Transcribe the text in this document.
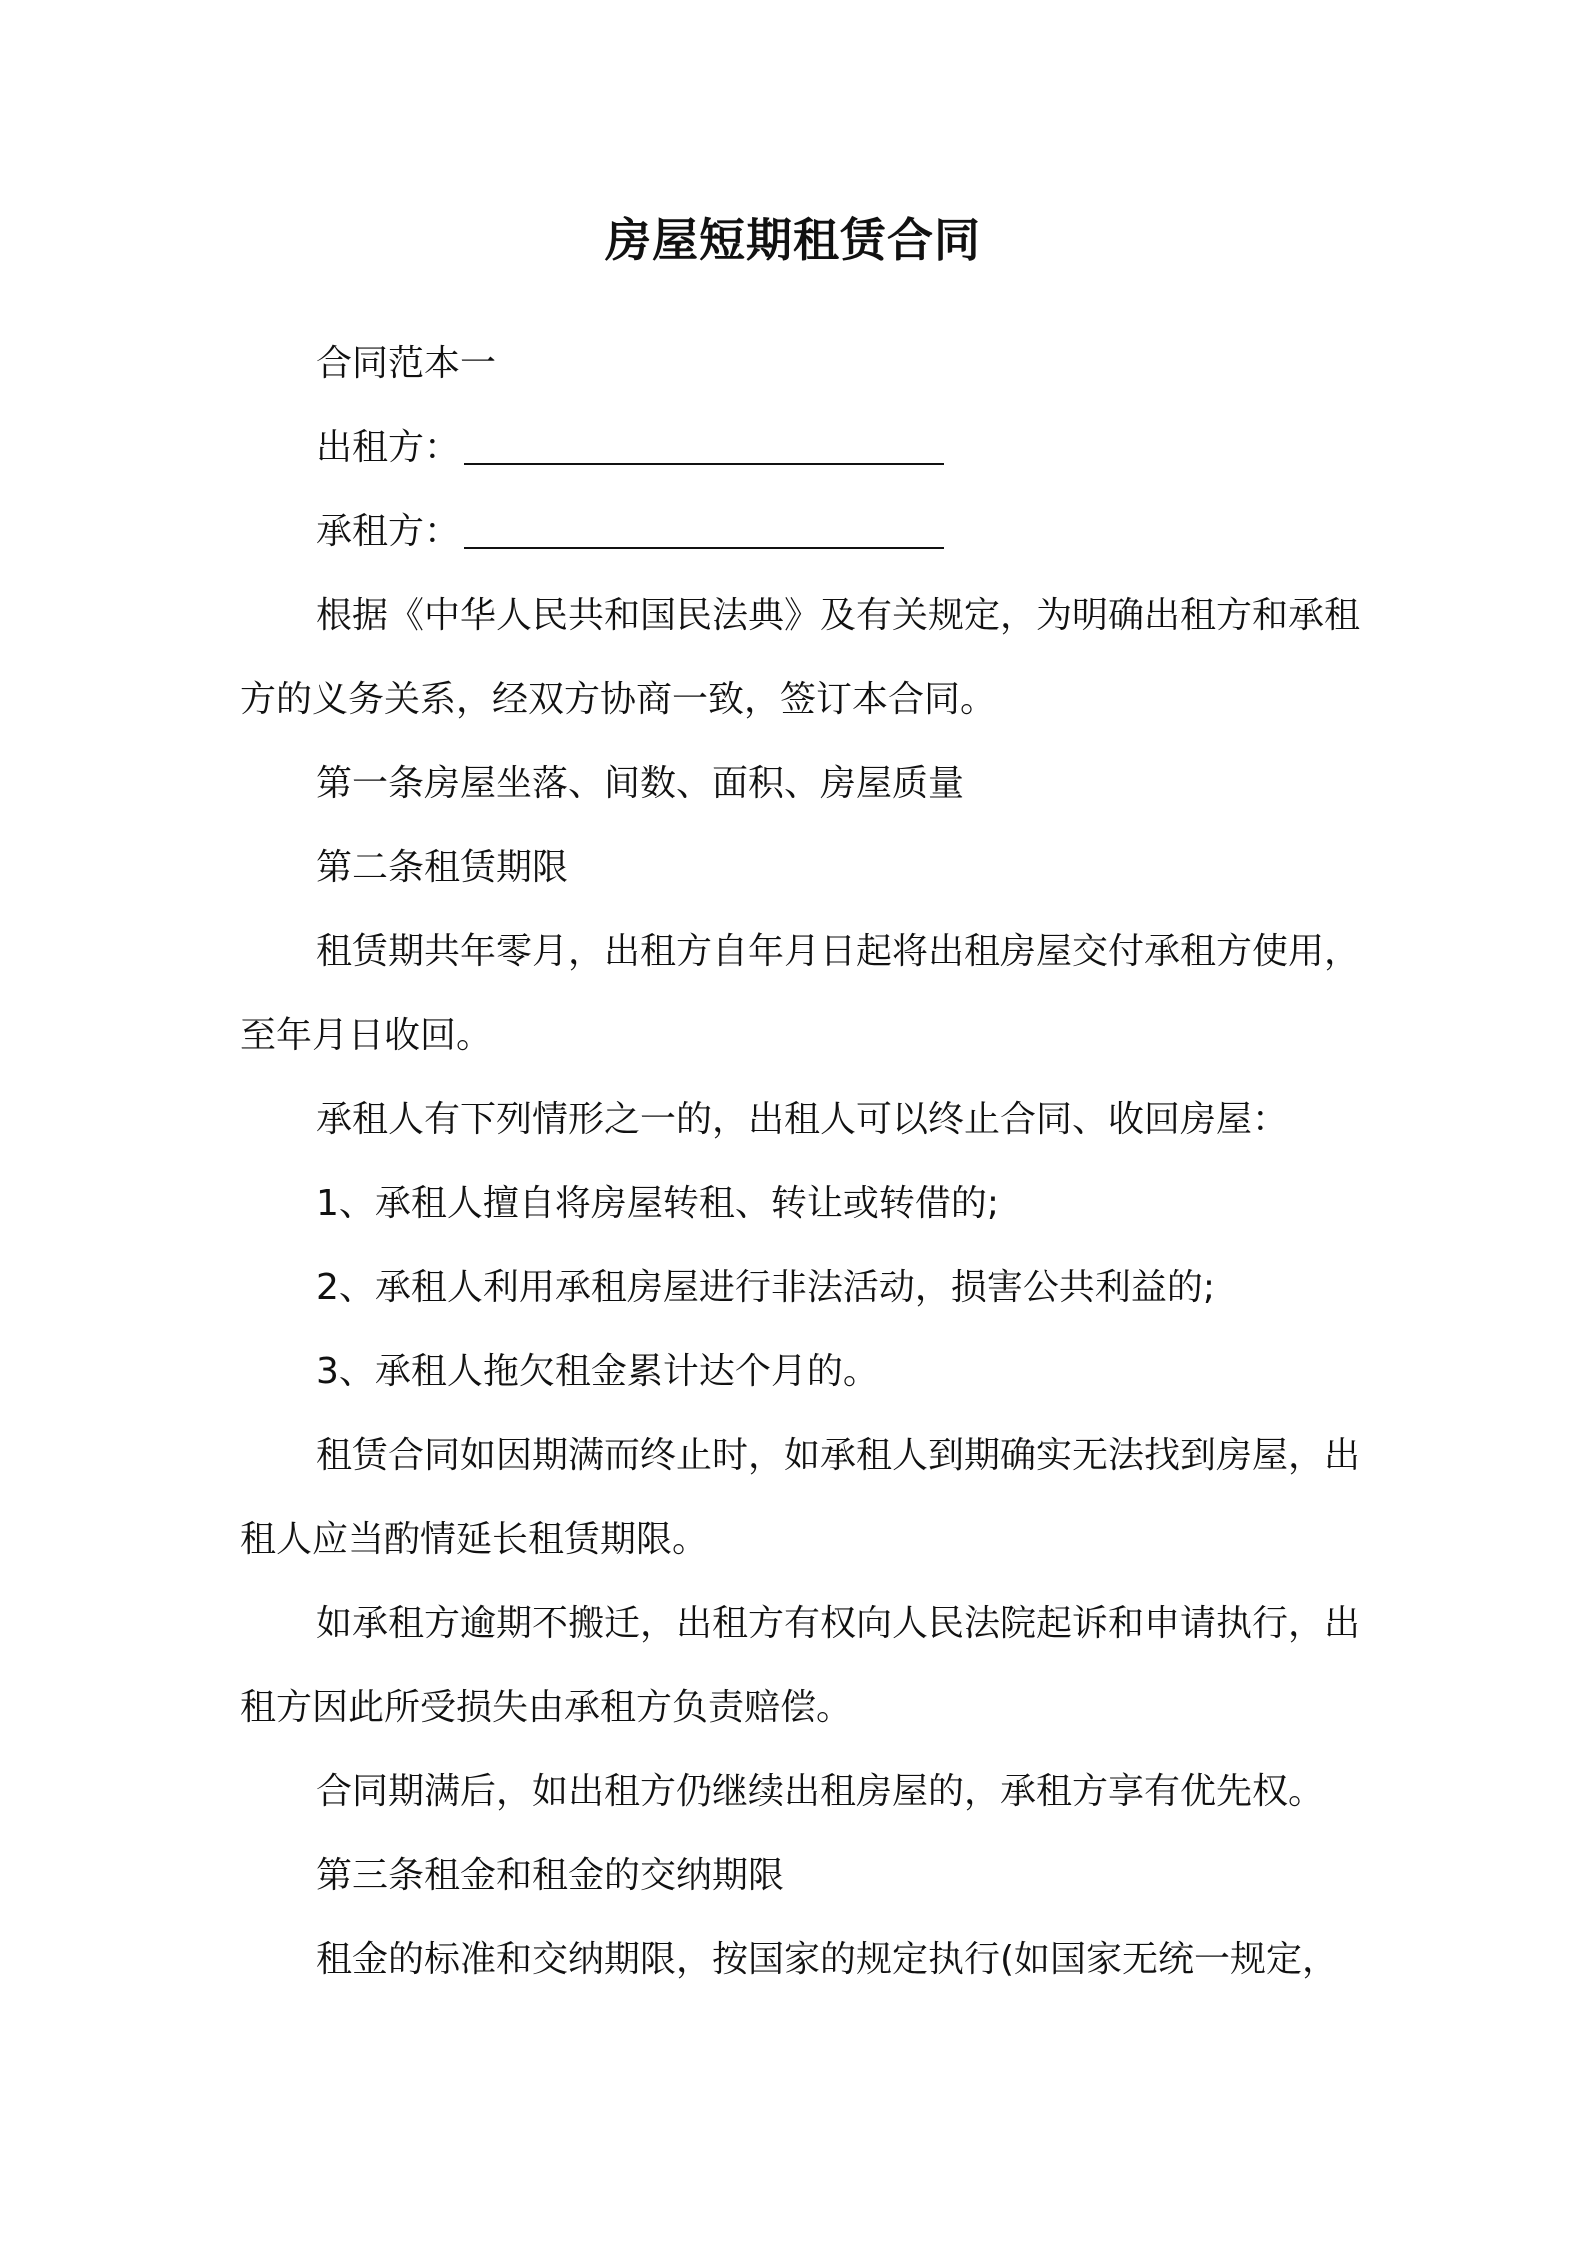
房屋短期租赁合同

合同范本一

出租方：

承租方：

根据《中华人民共和国民法典》及有关规定，为明确出租方和承租方的义务关系，经双方协商一致，签订本合同。

第一条房屋坐落、间数、面积、房屋质量

第二条租赁期限

租赁期共年零月，出租方自年月日起将出租房屋交付承租方使用，至年月日收回。

承租人有下列情形之一的，出租人可以终止合同、收回房屋：

1、承租人擅自将房屋转租、转让或转借的;

2、承租人利用承租房屋进行非法活动，损害公共利益的;

3、承租人拖欠租金累计达个月的。

租赁合同如因期满而终止时，如承租人到期确实无法找到房屋，出租人应当酌情延长租赁期限。

如承租方逾期不搬迁，出租方有权向人民法院起诉和申请执行，出租方因此所受损失由承租方负责赔偿。

合同期满后，如出租方仍继续出租房屋的，承租方享有优先权。

第三条租金和租金的交纳期限

租金的标准和交纳期限，按国家的规定执行(如国家无统一规定，
